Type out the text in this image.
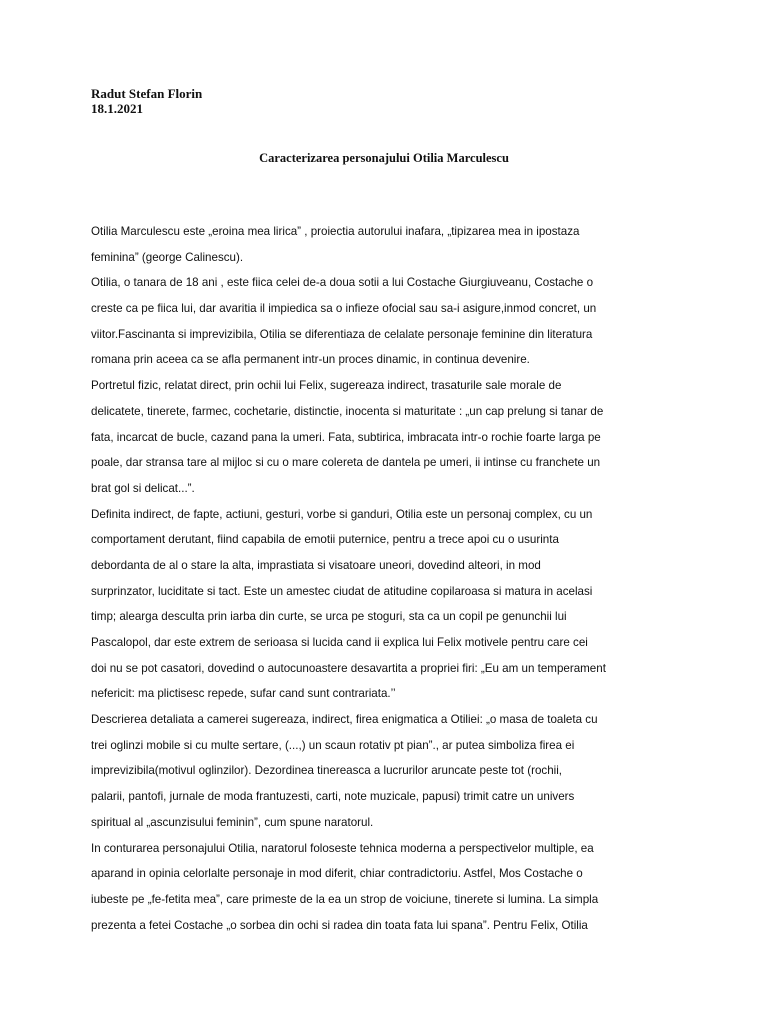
Radut Stefan Florin
18.1.2021
Caracterizarea personajului Otilia Marculescu
Otilia Marculescu este „eroina mea lirica” , proiectia autorului inafara, „tipizarea mea in ipostaza
feminina” (george Calinescu).
Otilia, o tanara de 18 ani , este fiica celei de-a doua sotii a lui Costache Giurgiuveanu, Costache o
creste ca pe fiica lui, dar avaritia il impiedica sa o infieze ofocial sau sa-i asigure,inmod concret, un
viitor.Fascinanta si imprevizibila, Otilia se diferentiaza de celalate personaje feminine din literatura
romana prin aceea ca se afla permanent intr-un proces dinamic, in continua devenire.
Portretul fizic, relatat direct, prin ochii lui Felix, sugereaza indirect, trasaturile sale morale de
delicatete, tinerete, farmec, cochetarie, distinctie, inocenta si maturitate : „un cap prelung si tanar de
fata, incarcat de bucle, cazand pana la umeri. Fata, subtirica, imbracata intr-o rochie foarte larga pe
poale, dar stransa tare al mijloc si cu o mare colereta de dantela pe umeri, ii intinse cu franchete un
brat gol si delicat...”.
Definita indirect, de fapte, actiuni, gesturi, vorbe si ganduri, Otilia este un personaj complex, cu un
comportament derutant, fiind capabila de emotii puternice, pentru a trece apoi cu o usurinta
debordanta de al o stare la alta, imprastiata si visatoare uneori, dovedind alteori, in mod
surprinzator, luciditate si tact. Este un amestec ciudat de atitudine copilaroasa si matura in acelasi
timp; alearga desculta prin iarba din curte, se urca pe stoguri, sta ca un copil pe genunchii lui
Pascalopol, dar este extrem de serioasa si lucida cand ii explica lui Felix motivele pentru care cei
doi nu se pot casatori, dovedind o autocunoastere desavartita a propriei firi: „Eu am un temperament
nefericit: ma plictisesc repede, sufar cand sunt contrariata.’’
Descrierea detaliata a camerei sugereaza, indirect, firea enigmatica a Otiliei: „o masa de toaleta cu
trei oglinzi mobile si cu multe sertare, (...,) un scaun rotativ pt pian”., ar putea simboliza firea ei
imprevizibila(motivul oglinzilor). Dezordinea tinereasca a lucrurilor aruncate peste tot (rochii,
palarii, pantofi, jurnale de moda frantuzesti, carti, note muzicale, papusi) trimit catre un univers
spiritual al „ascunzisului feminin”, cum spune naratorul.
In conturarea personajului Otilia, naratorul foloseste tehnica moderna a perspectivelor multiple, ea
aparand in opinia celorlalte personaje in mod diferit, chiar contradictoriu. Astfel, Mos Costache o
iubeste pe „fe-fetita mea”, care primeste de la ea un strop de voiciune, tinerete si lumina. La simpla
prezenta a fetei Costache „o sorbea din ochi si radea din toata fata lui spana”. Pentru Felix, Otilia
